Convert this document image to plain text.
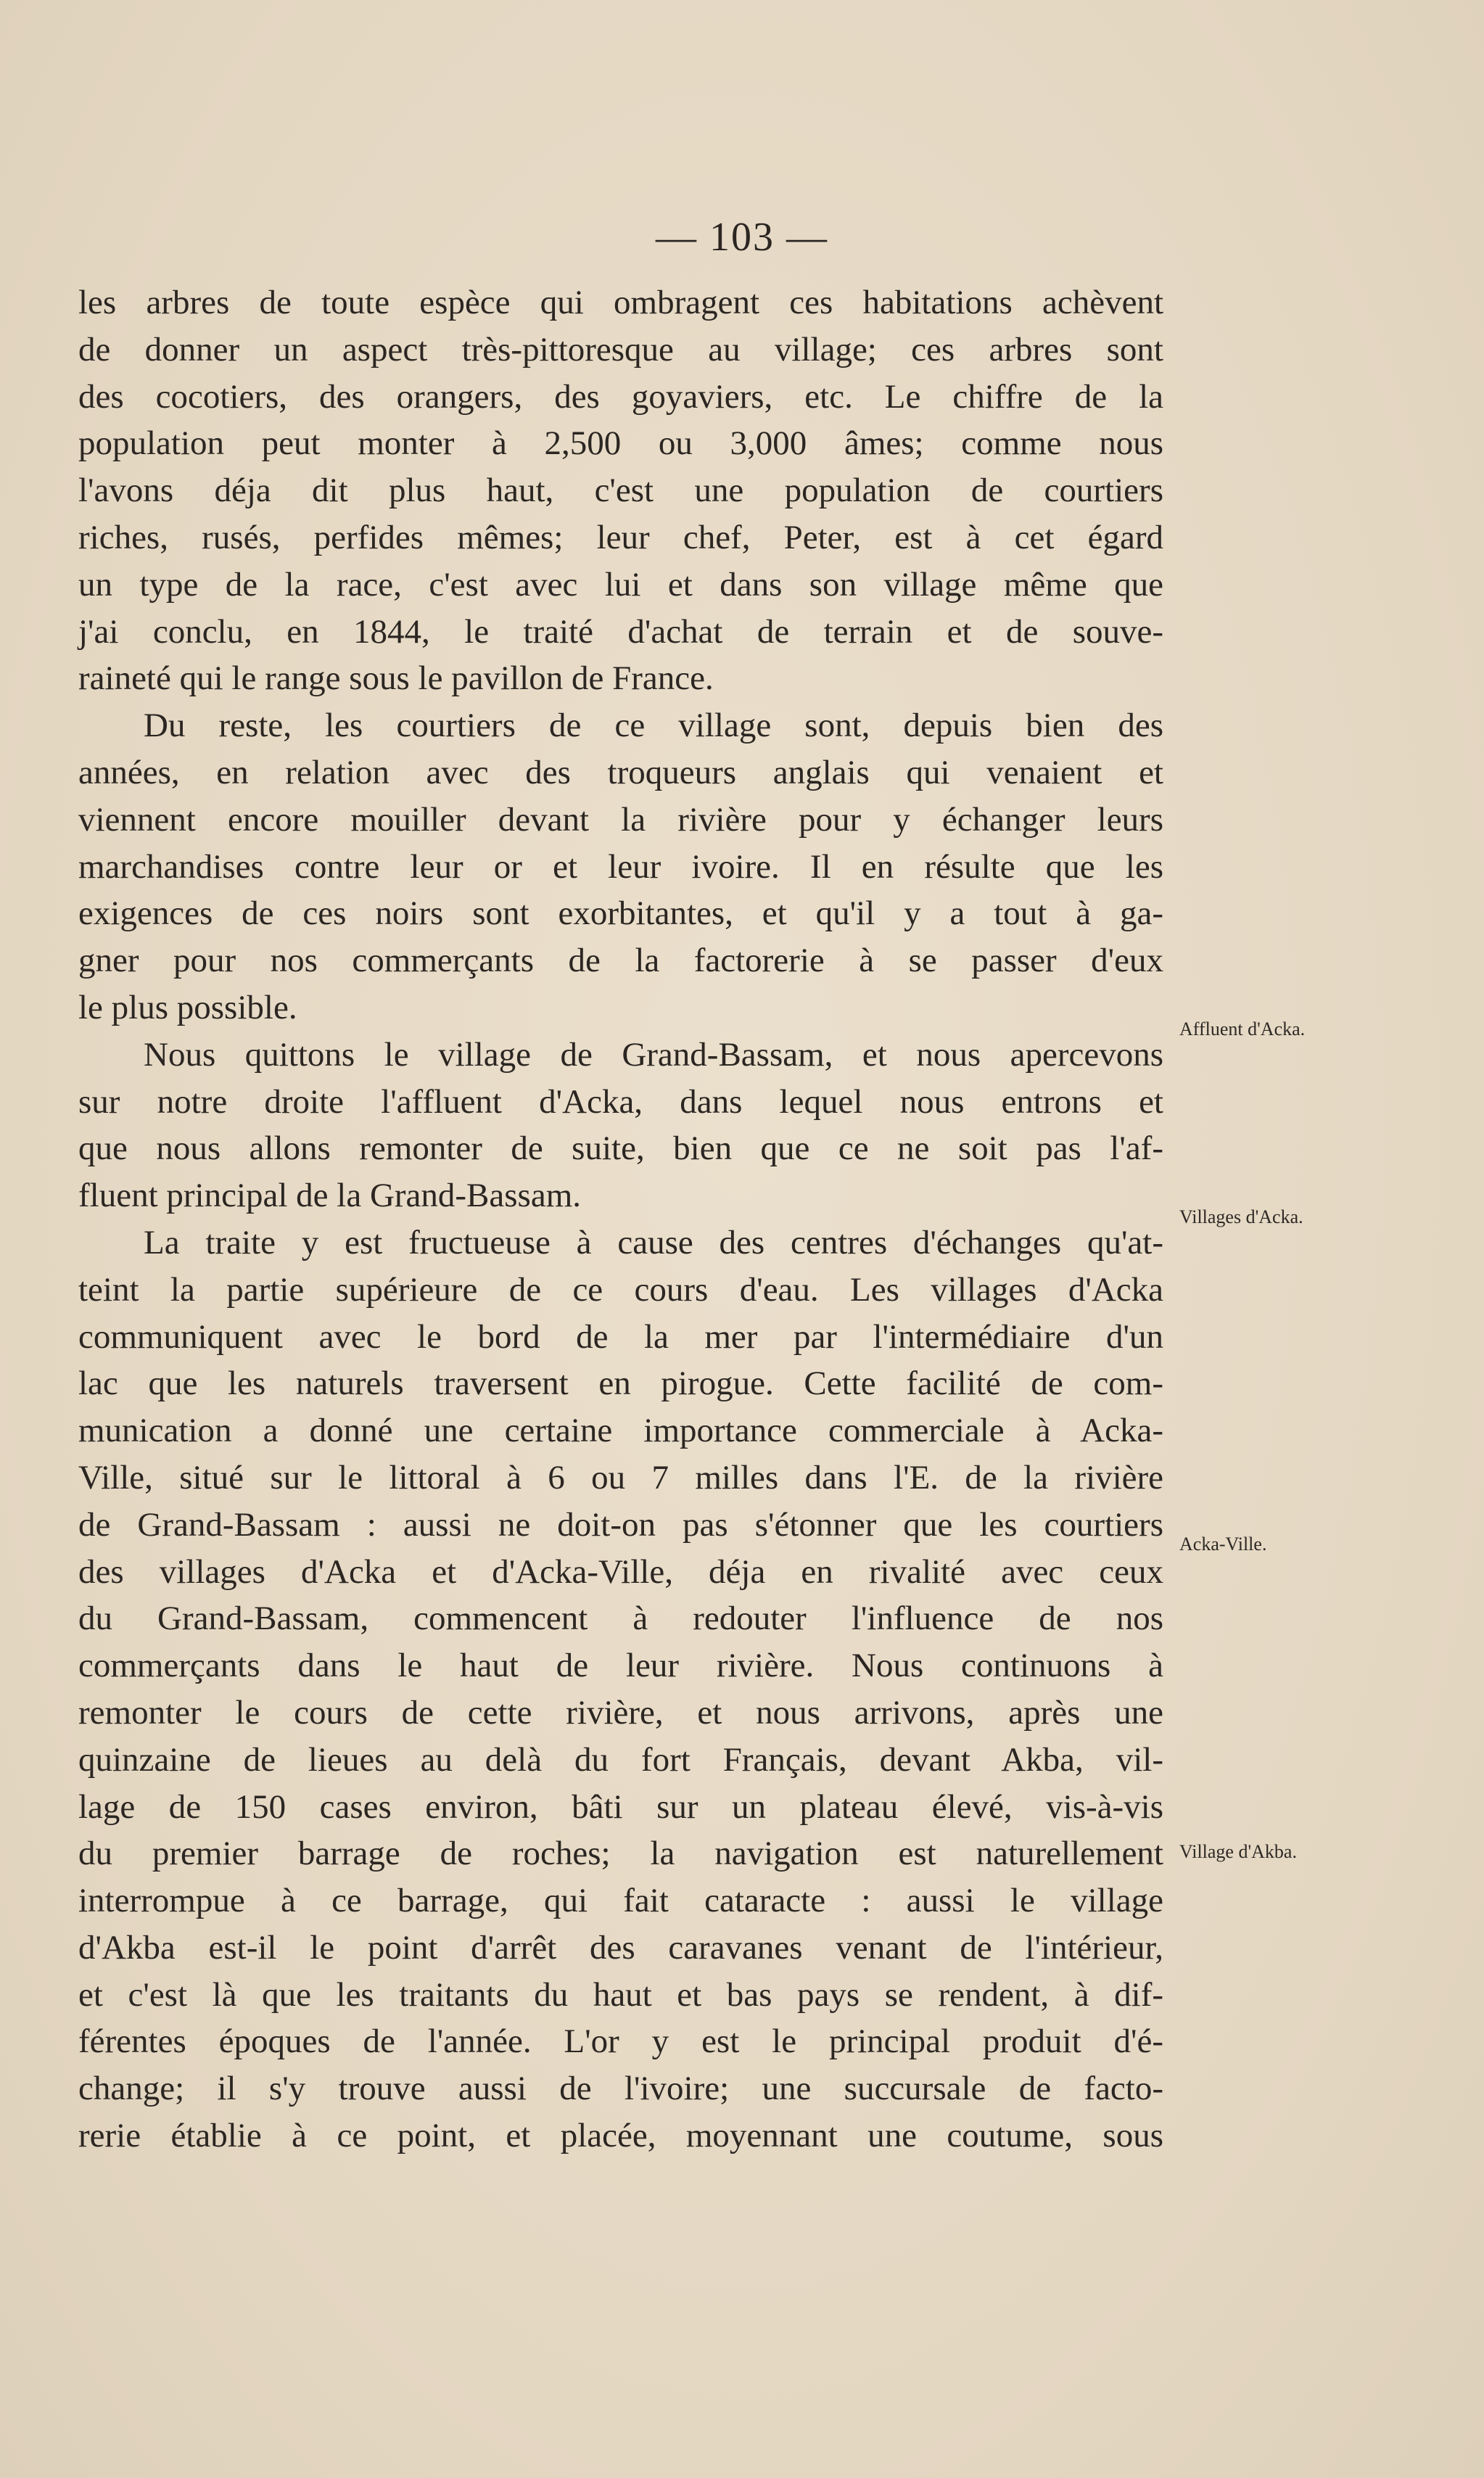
— 103 —
les arbres de toute espèce qui ombragent ces habitations achèvent
de donner un aspect très-pittoresque au village; ces arbres sont
des cocotiers, des orangers, des goyaviers, etc. Le chiffre de la
population peut monter à 2,500 ou 3,000 âmes; comme nous
l'avons déja dit plus haut, c'est une population de courtiers
riches, rusés, perfides mêmes; leur chef, Peter, est à cet égard
un type de la race, c'est avec lui et dans son village même que
j'ai conclu, en 1844, le traité d'achat de terrain et de souve-
raineté qui le range sous le pavillon de France.
Du reste, les courtiers de ce village sont, depuis bien des
années, en relation avec des troqueurs anglais qui venaient et
viennent encore mouiller devant la rivière pour y échanger leurs
marchandises contre leur or et leur ivoire. Il en résulte que les
exigences de ces noirs sont exorbitantes, et qu'il y a tout à ga-
gner pour nos commerçants de la factorerie à se passer d'eux
le plus possible.
Nous quittons le village de Grand-Bassam, et nous apercevons
sur notre droite l'affluent d'Acka, dans lequel nous entrons et
que nous allons remonter de suite, bien que ce ne soit pas l'af-
fluent principal de la Grand-Bassam.
La traite y est fructueuse à cause des centres d'échanges qu'at-
teint la partie supérieure de ce cours d'eau. Les villages d'Acka
communiquent avec le bord de la mer par l'intermédiaire d'un
lac que les naturels traversent en pirogue. Cette facilité de com-
munication a donné une certaine importance commerciale à Acka-
Ville, situé sur le littoral à 6 ou 7 milles dans l'E. de la rivière
de Grand-Bassam : aussi ne doit-on pas s'étonner que les courtiers
des villages d'Acka et d'Acka-Ville, déja en rivalité avec ceux
du Grand-Bassam, commencent à redouter l'influence de nos
commerçants dans le haut de leur rivière. Nous continuons à
remonter le cours de cette rivière, et nous arrivons, après une
quinzaine de lieues au delà du fort Français, devant Akba, vil-
lage de 150 cases environ, bâti sur un plateau élevé, vis-à-vis
du premier barrage de roches; la navigation est naturellement
interrompue à ce barrage, qui fait cataracte : aussi le village
d'Akba est-il le point d'arrêt des caravanes venant de l'intérieur,
et c'est là que les traitants du haut et bas pays se rendent, à dif-
férentes époques de l'année. L'or y est le principal produit d'é-
change; il s'y trouve aussi de l'ivoire; une succursale de facto-
rerie établie à ce point, et placée, moyennant une coutume, sous
Affluent d'Acka.
Villages d'Acka.
Acka-Ville.
Village d'Akba.
